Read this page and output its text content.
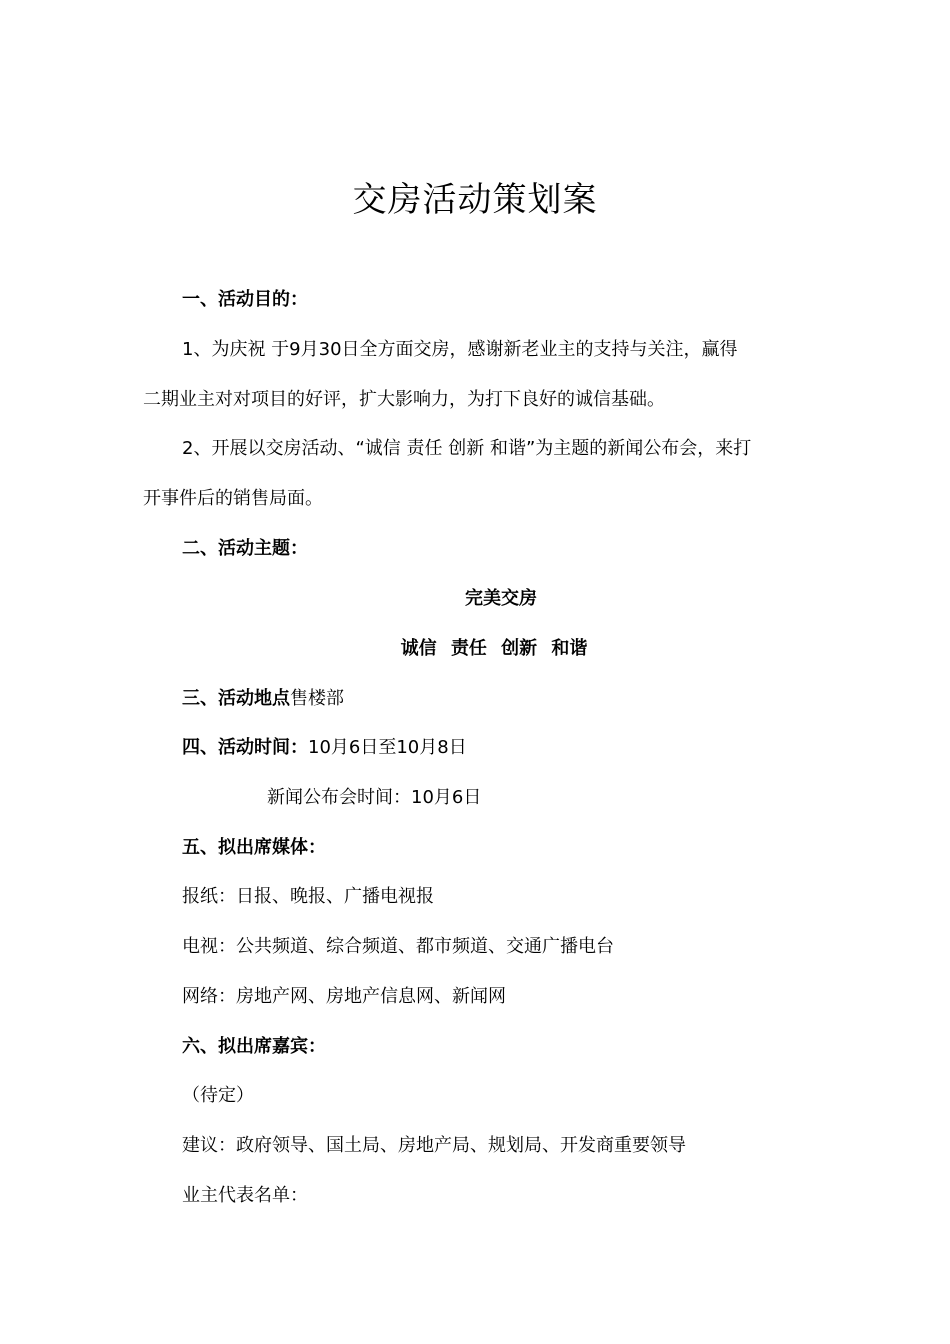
交房活动策划案
一、活动目的：
1、为庆祝 于9月30日全方面交房，感谢新老业主的支持与关注，赢得
二期业主对对项目的好评，扩大影响力，为打下良好的诚信基础。
2、开展以交房活动、“诚信 责任 创新 和谐”为主题的新闻公布会，来打
开事件后的销售局面。
二、活动主题：
完美交房
诚信 责任 创新 和谐
三、活动地点售楼部
四、活动时间：10月6日至10月8日
新闻公布会时间：10月6日
五、拟出席媒体：
报纸：日报、晚报、广播电视报
电视：公共频道、综合频道、都市频道、交通广播电台
网络：房地产网、房地产信息网、新闻网
六、拟出席嘉宾：
（待定）
建议：政府领导、国土局、房地产局、规划局、开发商重要领导
业主代表名单：
